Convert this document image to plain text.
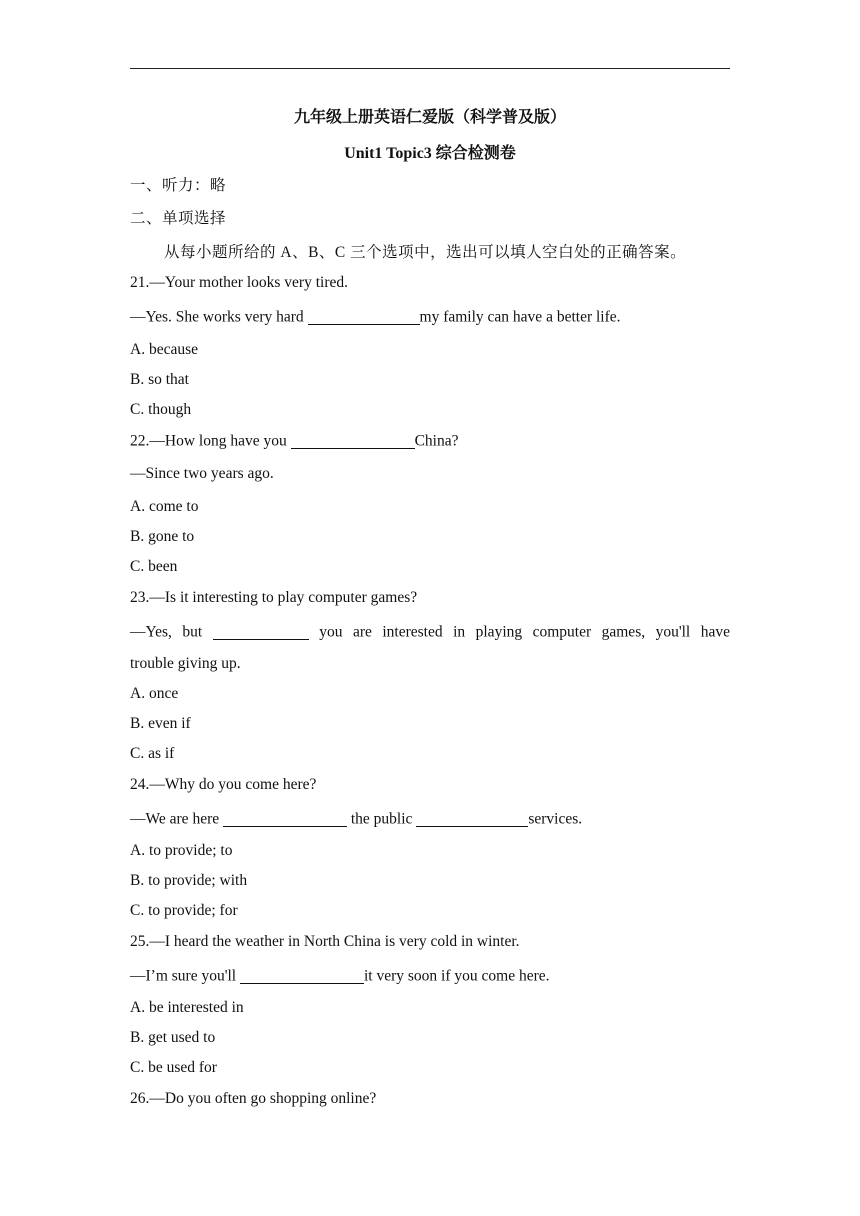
九年级上册英语仁爱版（科学普及版）
Unit1 Topic3 综合检测卷
一、听力：略
二、单项选择
从每小题所给的 A、B、C 三个选项中，选出可以填人空白处的正确答案。
21.—Your mother looks very tired.
—Yes. She works very hard	my family can have a better life.
A. because
B. so that
C. though
22.—How long have you	China?
—Since two years ago.
A. come to
B. gone to
C. been
23.—Is it interesting to play computer games?
—Yes, but	you are interested in playing computer games, you'll have
trouble giving up.
A. once
B. even if
C. as if
24.—Why do you come here?
—We are here	the public	services.
A. to provide; to
B. to provide; with
C. to provide; for
25.—I heard the weather in North China is very cold in winter.
—I’m sure you'll	it very soon if you come here.
A. be interested in
B. get used to
C. be used for
26.—Do you often go shopping online?
